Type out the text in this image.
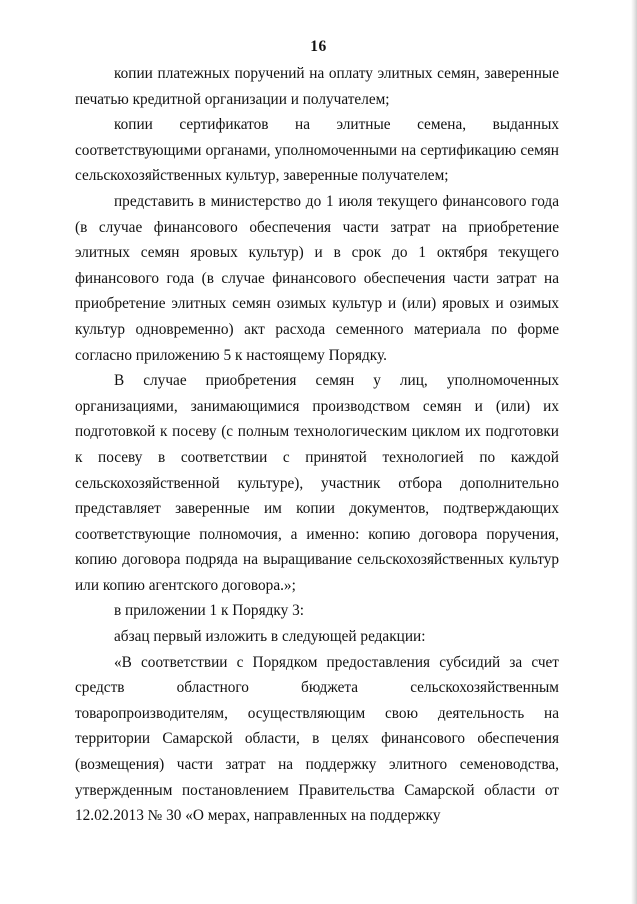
16

копии платежных поручений на оплату элитных семян, заверенные печатью кредитной организации и получателем;

копии сертификатов на элитные семена, выданных соответствующими органами, уполномоченными на сертификацию семян сельскохозяйственных культур, заверенные получателем;

представить в министерство до 1 июля текущего финансового года (в случае финансового обеспечения части затрат на приобретение элитных семян яровых культур) и в срок до 1 октября текущего финансового года (в случае финансового обеспечения части затрат на приобретение элитных семян озимых культур и (или) яровых и озимых культур одновременно) акт расхода семенного материала по форме согласно приложению 5 к настоящему Порядку.

В случае приобретения семян у лиц, уполномоченных организациями, занимающимися производством семян и (или) их подготовкой к посеву (с полным технологическим циклом их подготовки к посеву в соответствии с принятой технологией по каждой сельскохозяйственной культуре), участник отбора дополнительно представляет заверенные им копии документов, подтверждающих соответствующие полномочия, а именно: копию договора поручения, копию договора подряда на выращивание сельскохозяйственных культур или копию агентского договора.»;

в приложении 1 к Порядку 3:

абзац первый изложить в следующей редакции:

«В соответствии с Порядком предоставления субсидий за счет средств областного бюджета сельскохозяйственным товаропроизводителям, осуществляющим свою деятельность на территории Самарской области, в целях финансового обеспечения (возмещения) части затрат на поддержку элитного семеноводства, утвержденным постановлением Правительства Самарской области от 12.02.2013 № 30 «О мерах, направленных на поддержку
